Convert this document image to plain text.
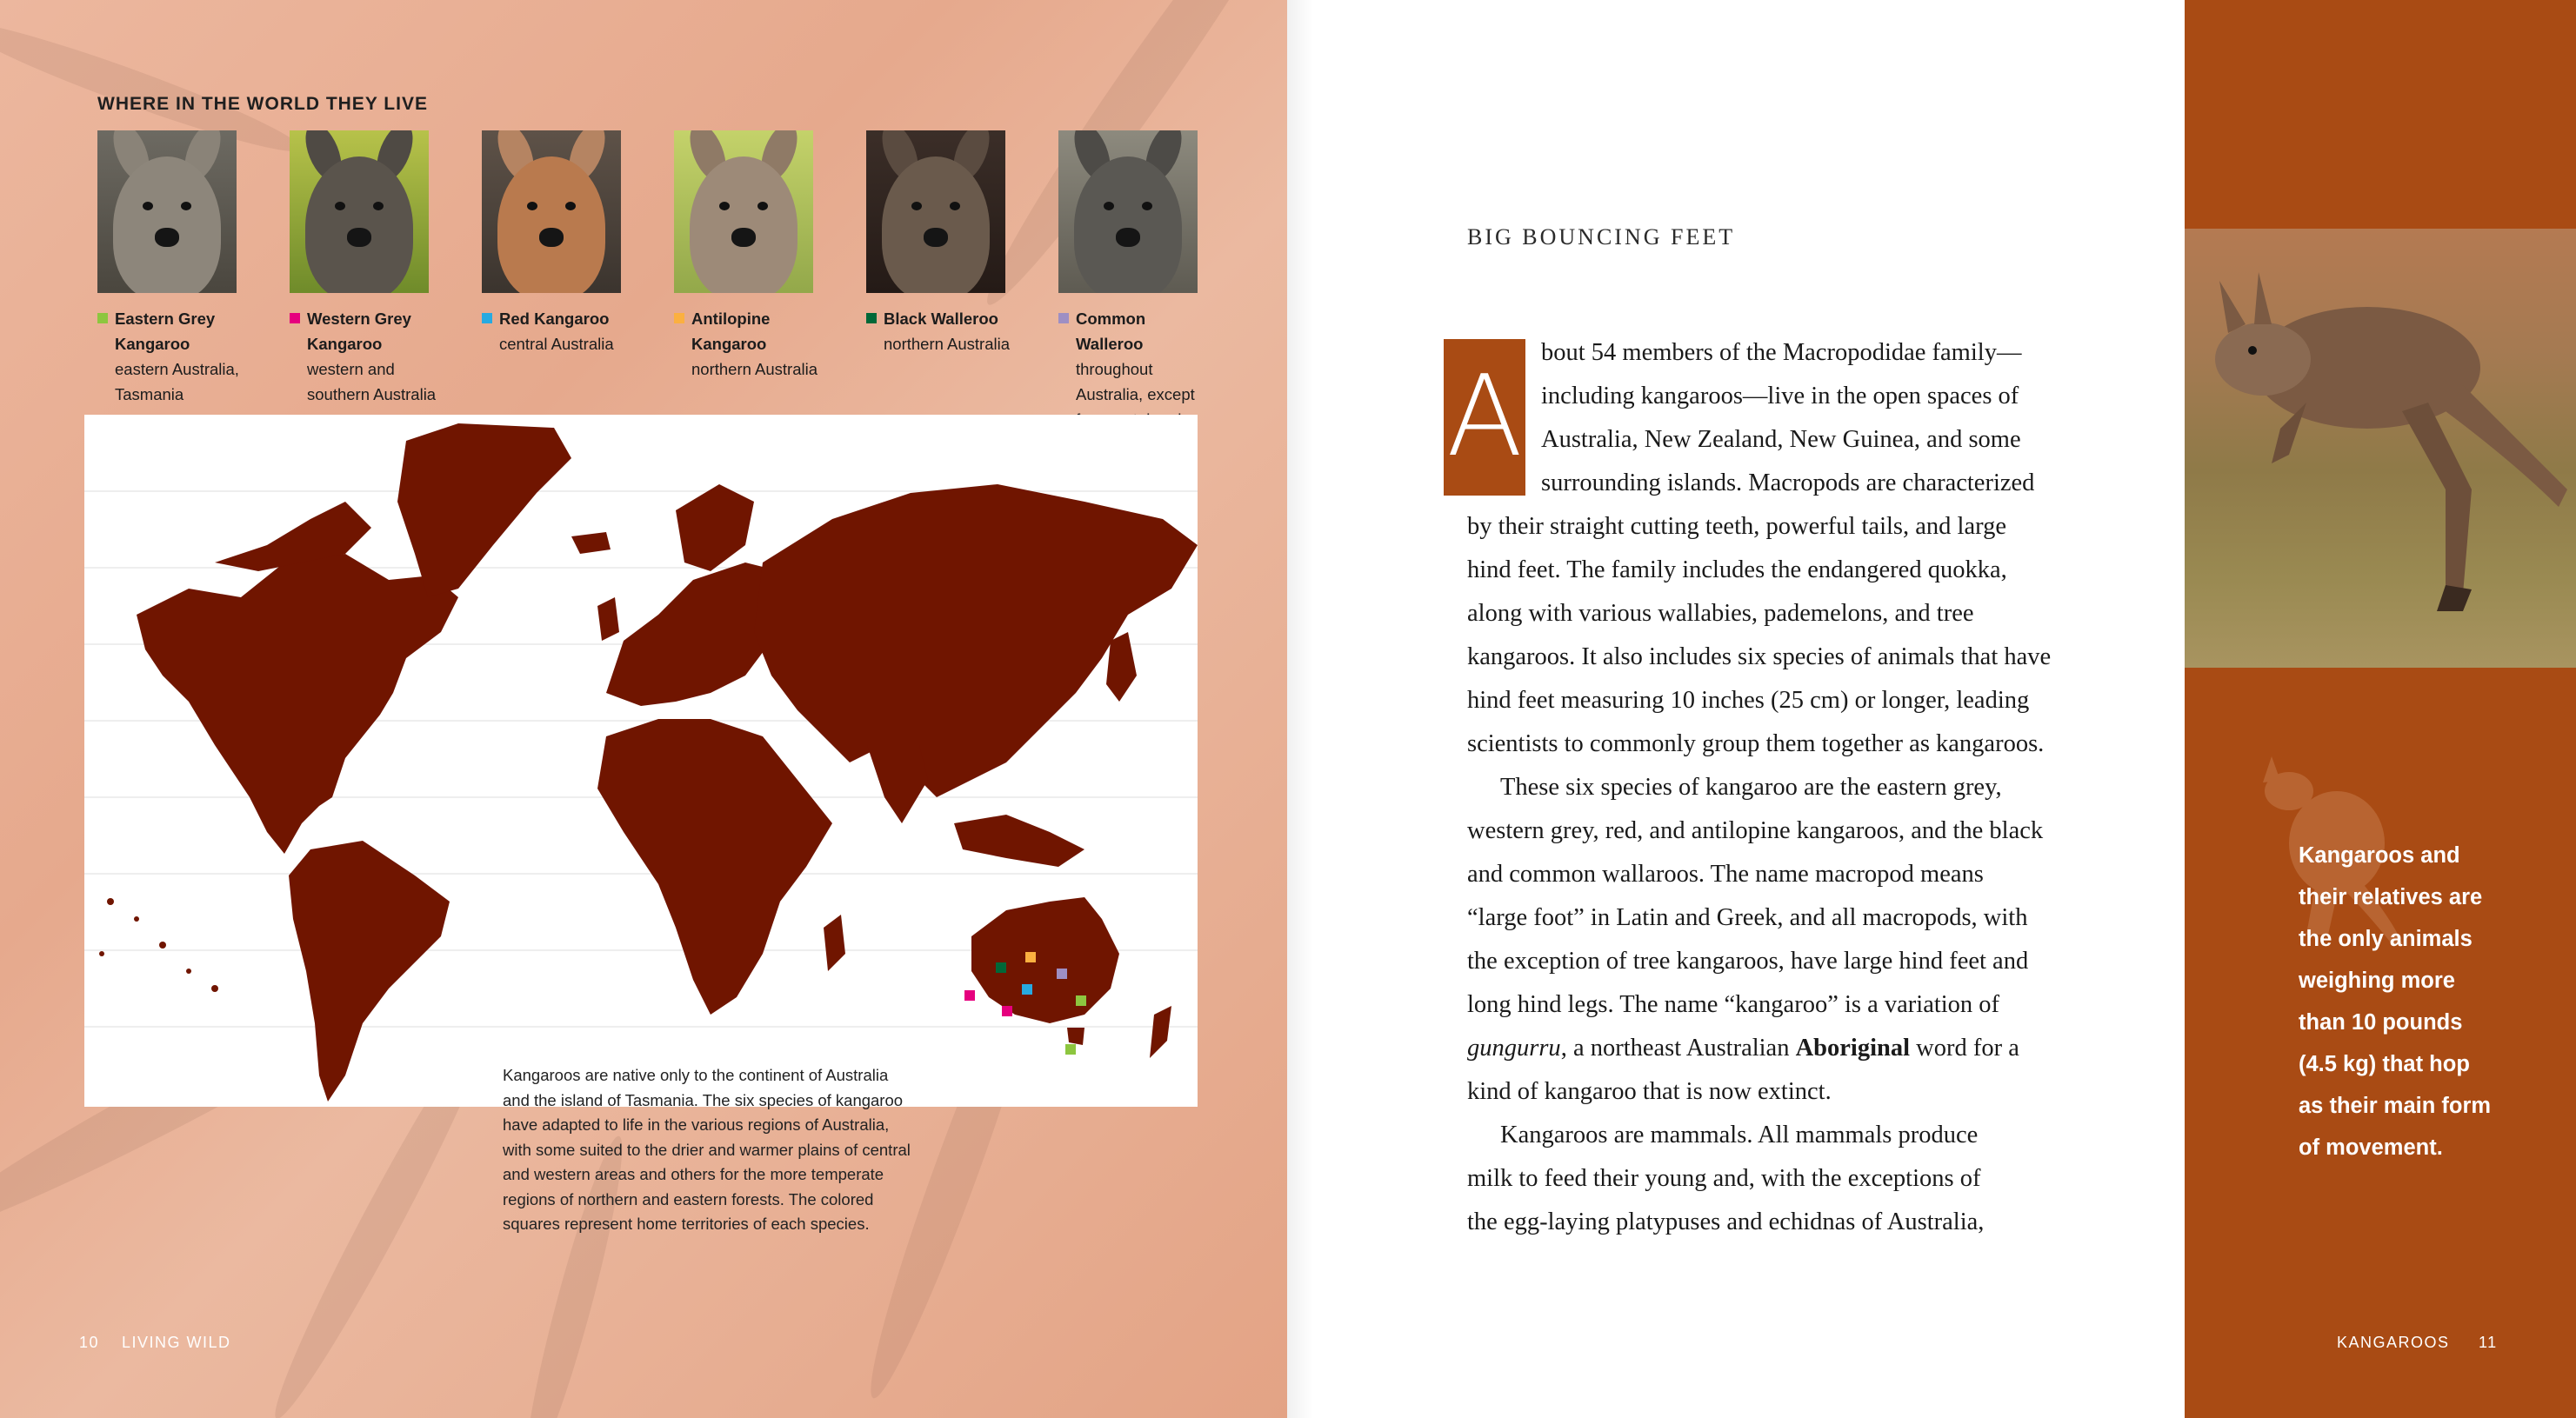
WHERE IN THE WORLD THEY LIVE
Eastern Grey
Kangaroo
eastern Australia,
Tasmania
Western Grey
Kangaroo
western and
southern Australia
Red Kangaroo
central Australia
Antilopine
Kangaroo
northern Australia
Black Walleroo
northern Australia
Common
Walleroo
throughout
Australia, except
Kangaroos are native only to the continent of Australia
and the island of Tasmania. The six species of kangaroo
have adapted to life in the various regions of Australia,
with some suited to the drier and warmer plains of central
and western areas and others for the more temperate
regions of northern and eastern forests. The colored
squares represent home territories of each species.
10 LIVING WILD
BIG BOUNCING FEET
A bout 54 members of the Macropodidae family—
including kangaroos—live in the open spaces of
Australia, New Zealand, New Guinea, and some
surrounding islands. Macropods are characterized
by their straight cutting teeth, powerful tails, and large
hind feet. The family includes the endangered quokka,
along with various wallabies, pademelons, and tree
kangaroos. It also includes six species of animals that have
hind feet measuring 10 inches (25 cm) or longer, leading
scientists to commonly group them together as kangaroos.
These six species of kangaroo are the eastern grey,
western grey, red, and antilopine kangaroos, and the black
and common wallaroos. The name macropod means
“large foot” in Latin and Greek, and all macropods, with
the exception of tree kangaroos, have large hind feet and
long hind legs. The name “kangaroo” is a variation of
gungurru, a northeast Australian Aboriginal word for a
kind of kangaroo that is now extinct.
Kangaroos are mammals. All mammals produce
milk to feed their young and, with the exceptions of
the egg-laying platypuses and echidnas of Australia,
Kangaroos and
their relatives are
the only animals
weighing more
than 10 pounds
(4.5 kg) that hop
as their main form
of movement.
KANGAROOS 11
